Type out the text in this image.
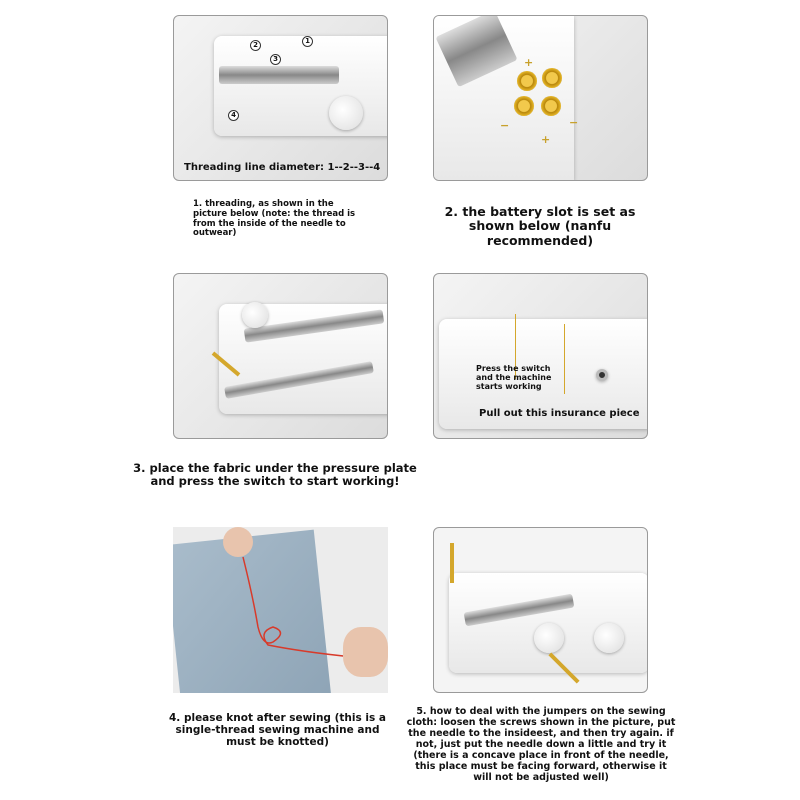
1
2
3
4
Threading line diameter: 1--2--3--4
1. threading, as shown in the picture below (note: the thread is from the inside of the needle to outwear)
+
+
−	−
2. the battery slot is set as shown below (nanfu recommended)
3. place the fabric under the pressure plate and press the switch to start working!
Press the switch and the machine starts working
Pull out this insurance piece
4. please knot after sewing (this is a single-thread sewing machine and must be knotted)
5. how to deal with the jumpers on the sewing cloth: loosen the screws shown in the picture, put the needle to the insideest, and then try again. if not, just put the needle down a little and try it (there is a concave place in front of the needle, this place must be facing forward, otherwise it will not be adjusted well)
